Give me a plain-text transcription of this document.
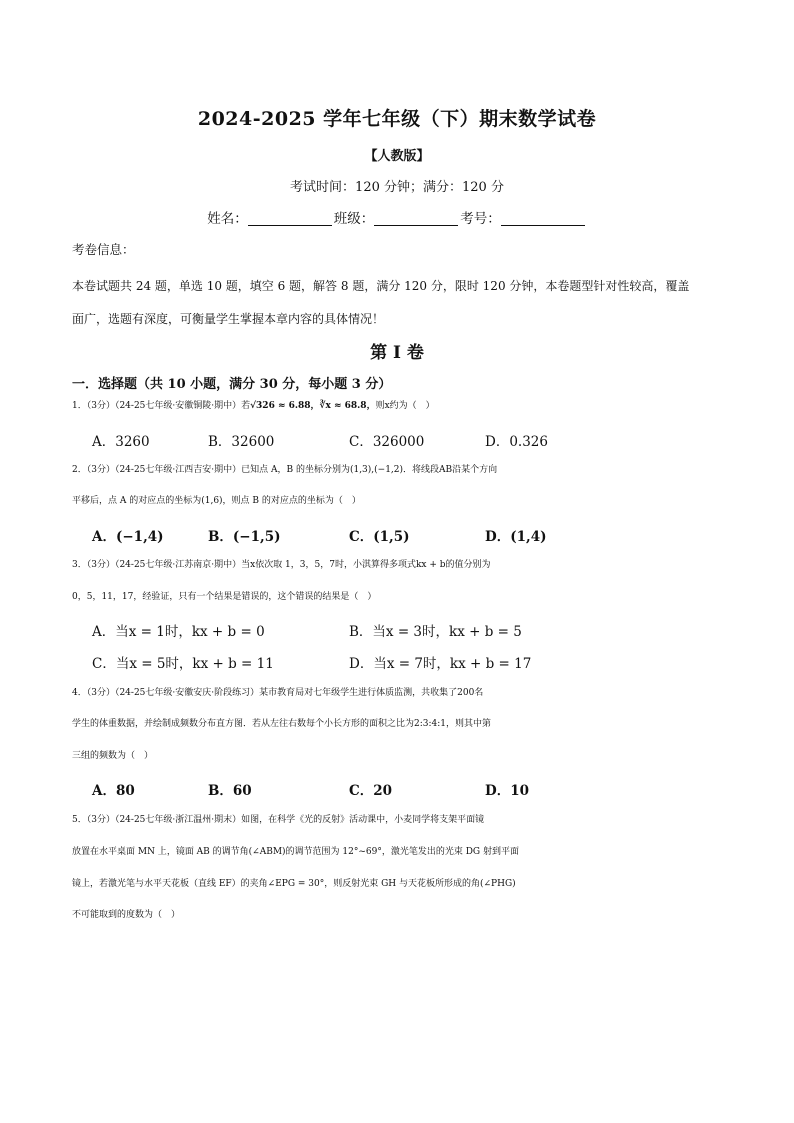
2024-2025 学年七年级（下）期末数学试卷
【人教版】
考试时间：120 分钟；满分：120 分
姓名：	班级：	考号：
考卷信息：
本卷试题共 24 题，单选 10 题，填空 6 题，解答 8 题，满分 120 分，限时 120 分钟，本卷题型针对性较高，覆盖
面广，选题有深度，可衡量学生掌握本章内容的具体情况！
第 I 卷
一．选择题（共 10 小题，满分 30 分，每小题 3 分）
1．（3分）（24-25七年级·安徽铜陵·期中）若√326 ≈ 6.88，∛x ≈ 68.8，则x约为（　）
A．3260	B．32600	C．326000	D．0.326
2．（3分）（24-25七年级·江西吉安·期中）已知点 A，B 的坐标分别为(1,3),(−1,2)．将线段AB沿某个方向
平移后，点 A 的对应点的坐标为(1,6)，则点 B 的对应点的坐标为（　）
A．(−1,4)	B．(−1,5)	C．(1,5)	D．(1,4)
3．（3分）（24-25七年级·江苏南京·期中）当x依次取 1，3，5，7时，小淇算得多项式kx + b的值分别为
0，5，11，17，经验证，只有一个结果是错误的，这个错误的结果是（　）
A．当x = 1时，kx + b = 0	B．当x = 3时，kx + b = 5
C．当x = 5时，kx + b = 11	D．当x = 7时，kx + b = 17
4．（3分）（24-25七年级·安徽安庆·阶段练习）某市教育局对七年级学生进行体质监测，共收集了200名
学生的体重数据，并绘制成频数分布直方图．若从左往右数每个小长方形的面积之比为2:3:4:1，则其中第
三组的频数为（　）
A．80	B．60	C．20	D．10
5．（3分）（24-25七年级·浙江温州·期末）如图，在科学《光的反射》活动课中，小麦同学将支架平面镜
放置在水平桌面 MN 上，镜面 AB 的调节角(∠ABM)的调节范围为 12°~69°，激光笔发出的光束 DG 射到平面
镜上，若激光笔与水平天花板（直线 EF）的夹角∠EPG = 30°，则反射光束 GH 与天花板所形成的角(∠PHG)
不可能取到的度数为（　）
